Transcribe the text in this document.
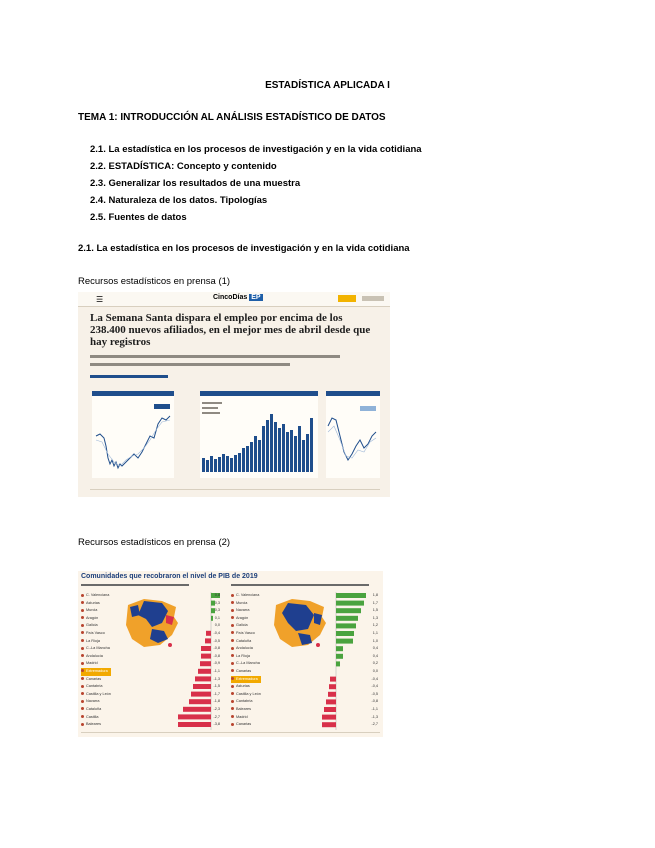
ESTADÍSTICA APLICADA I
TEMA 1: INTRODUCCIÓN AL ANÁLISIS ESTADÍSTICO DE DATOS
2.1. La estadística en los procesos de investigación y en la vida cotidiana
2.2. ESTADÍSTICA: Concepto y contenido
2.3. Generalizar los resultados de una muestra
2.4. Naturaleza de los datos. Tipologías
2.5. Fuentes de datos
2.1. La estadística en los procesos de investigación y en la vida cotidiana
Recursos estadísticos en prensa (1)
☰	CincoDías EP
La Semana Santa dispara el empleo por encima de los 238.400 nuevos afiliados, en el mejor mes de abril desde que hay registros
Recursos estadísticos en prensa (2)
Comunidades que recobraron el nivel de PIB de 2019
C. Valenciana
Asturias
Murcia
Aragón
Galicia
País Vasco
La Rioja
C.-La Mancha
Andalucía
Madrid
Extremadura
Canarias
Cantabria
Castilla y León
Navarra
Cataluña
Castilla
Baleares
0,8
0,3
0,3
0,1
0,0
-0,4
-0,5
-0,8
-0,8
-0,9
-1,1
-1,3
-1,5
-1,7
-1,8
-2,3
-2,7
-3,8
C. Valenciana
Murcia
Navarra
Aragón
Galicia
País Vasco
Cataluña
Andalucía
La Rioja
C.-La Mancha
Canarias
Extremadura
Asturias
Castilla y León
Cantabria
Baleares
Madrid
Canarias
1,8
1,7
1,5
1,3
1,2
1,1
1,0
0,4
0,4
0,2
0,0
-0,4
-0,4
-0,5
-0,8
-1,1
-1,3
-2,7
